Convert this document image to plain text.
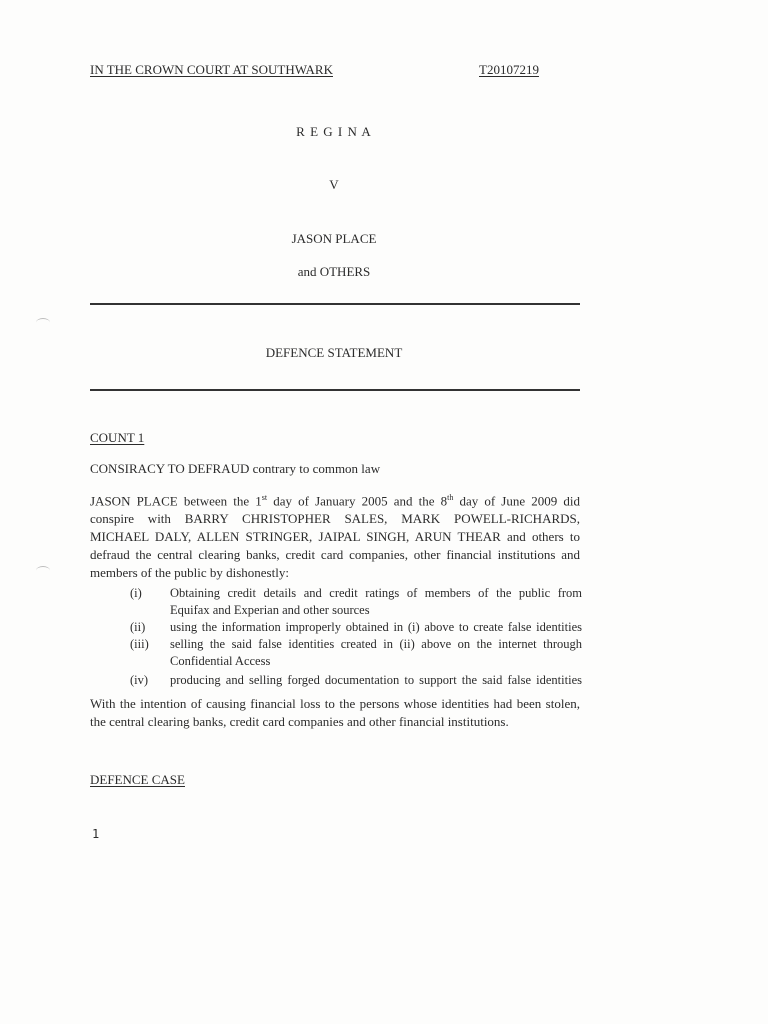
IN THE CROWN COURT AT SOUTHWARK	T20107219
R E G I N A
V
JASON PLACE
and OTHERS
DEFENCE STATEMENT
COUNT 1
CONSIRACY TO DEFRAUD contrary to common law
JASON PLACE between the 1st day of January 2005 and the 8th day of June 2009 did
conspire with BARRY CHRISTOPHER SALES, MARK POWELL-RICHARDS,
MICHAEL DALY, ALLEN STRINGER, JAIPAL SINGH, ARUN THEAR and others to
defraud the central clearing banks, credit card companies, other financial institutions and
members of the public by dishonestly:
(i)	Obtaining credit details and credit ratings of members of the public from
Equifax and Experian and other sources
(ii)	using the information improperly obtained in (i) above to create false identities
(iii)	selling the said false identities created in (ii) above on the internet through
Confidential Access
(iv)	producing and selling forged documentation to support the said false identities
With the intention of causing financial loss to the persons whose identities had been stolen,
the central clearing banks, credit card companies and other financial institutions.
DEFENCE CASE
1
